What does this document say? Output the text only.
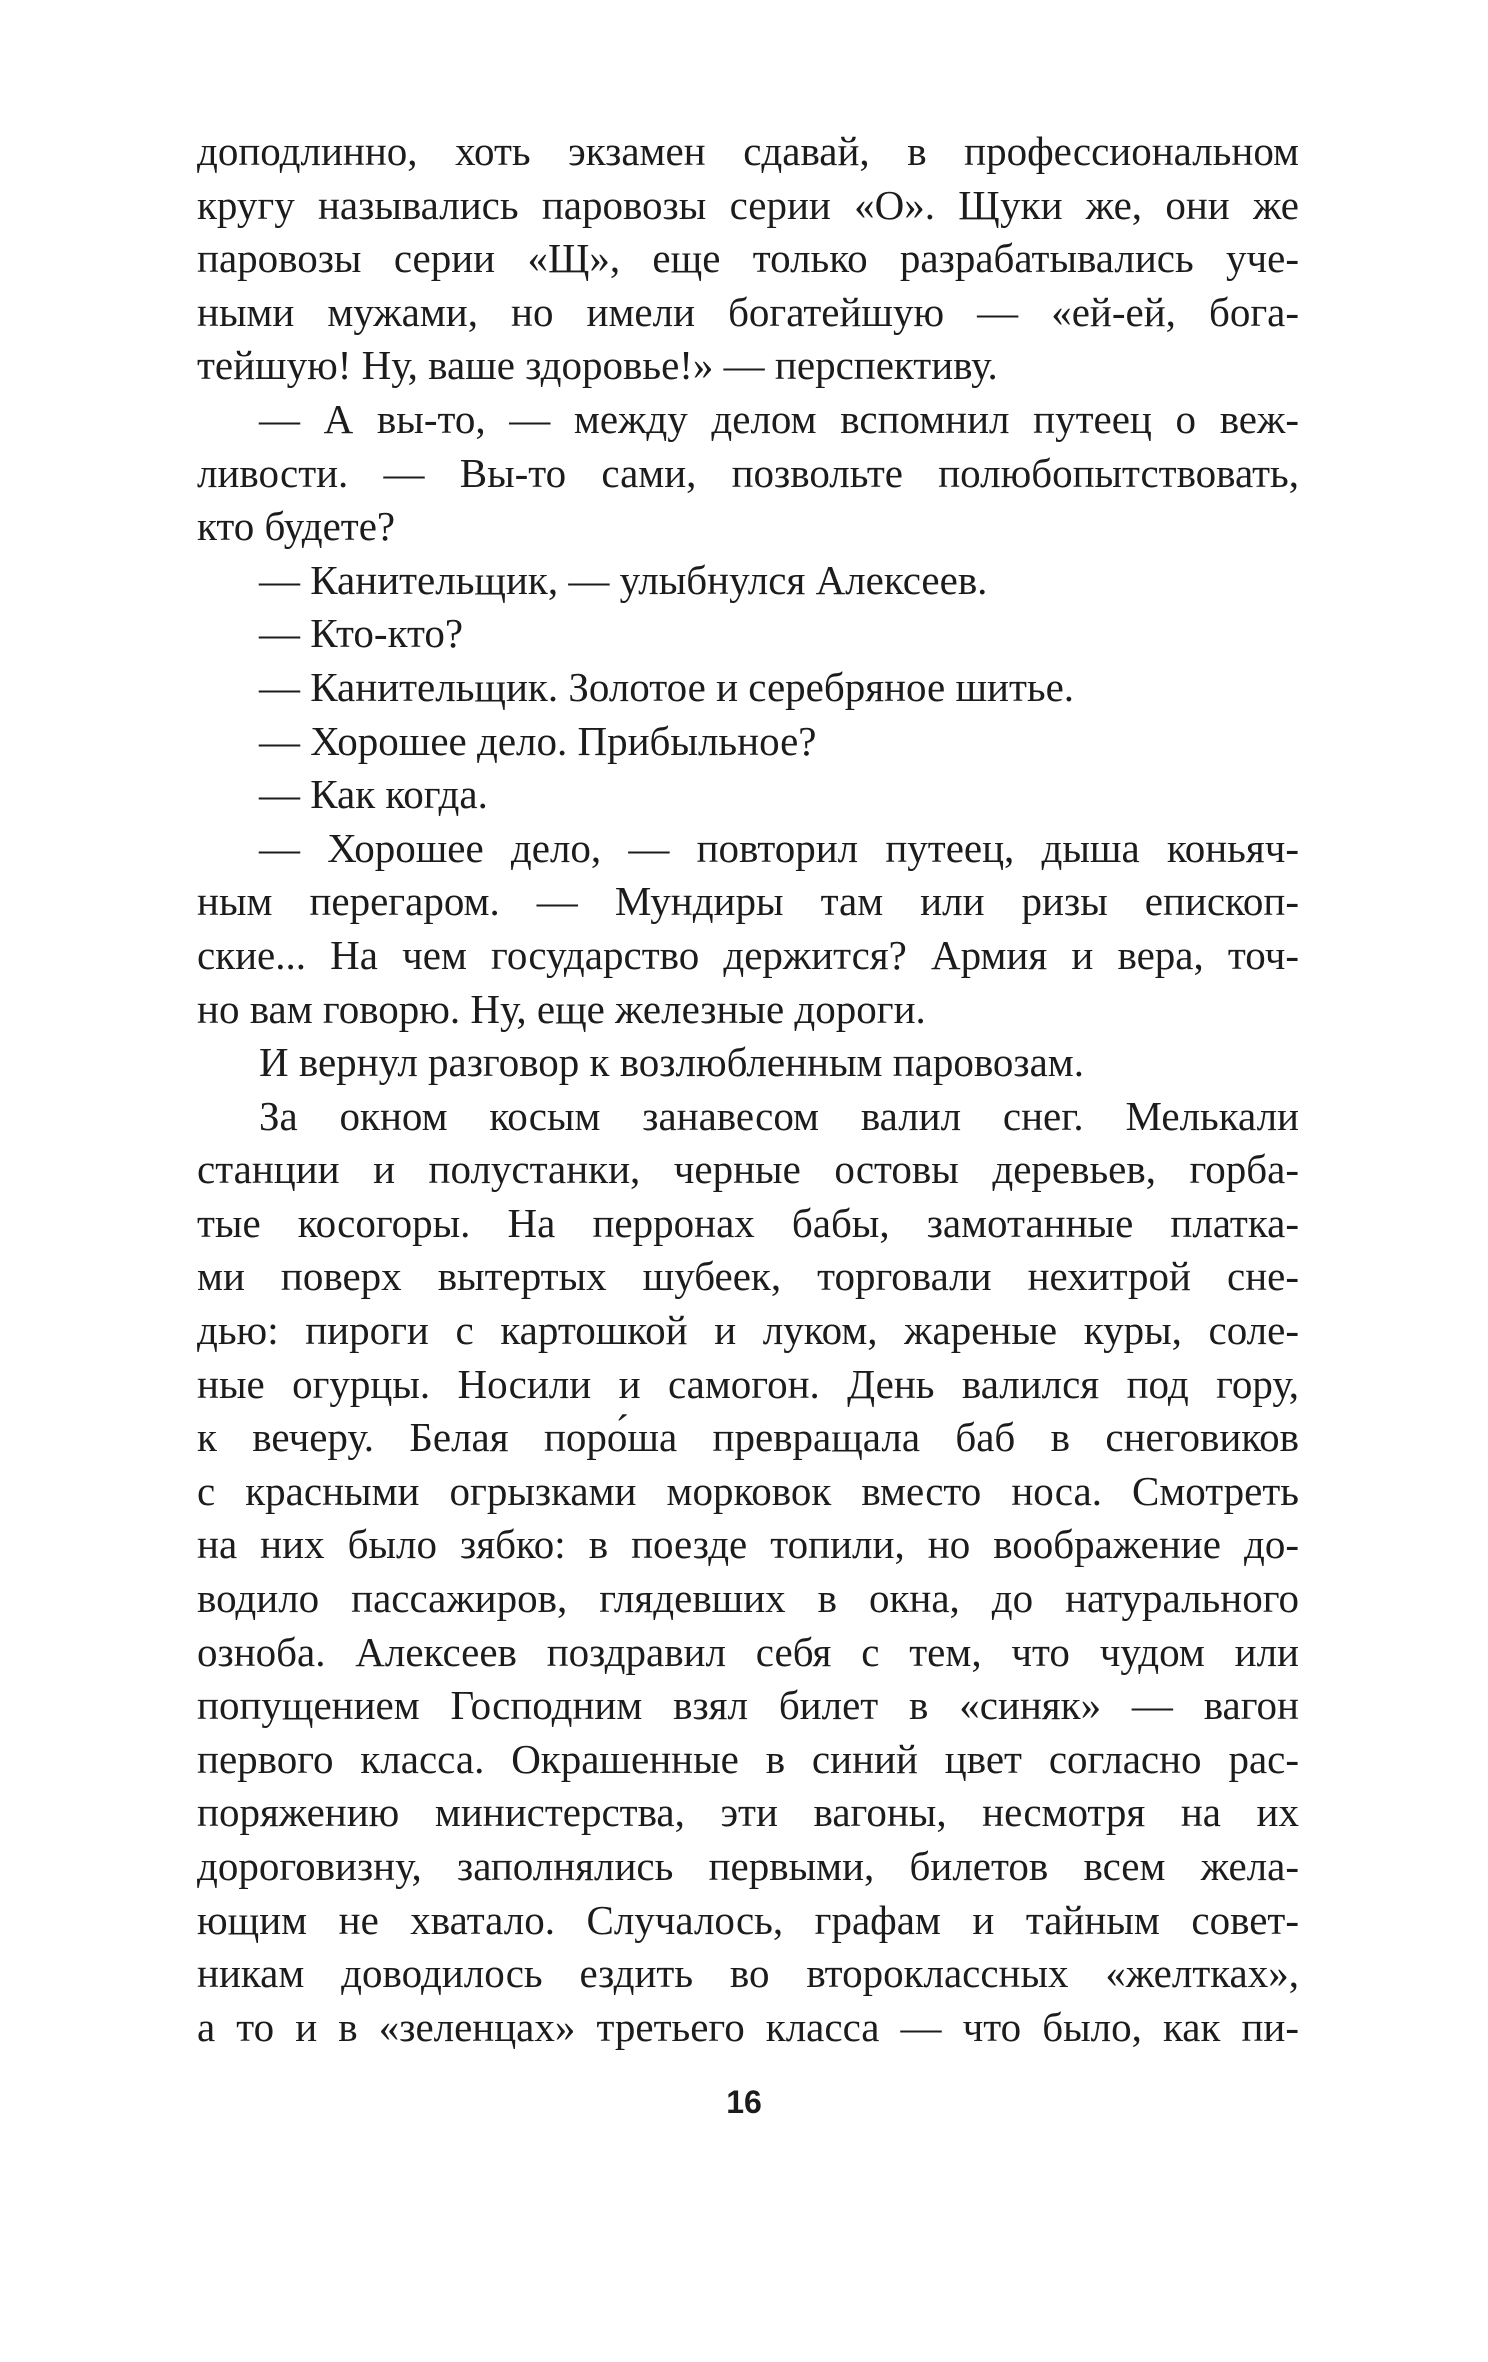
доподлинно, хоть экзамен сдавай, в профессиональном
кругу назывались паровозы серии «О». Щуки же, они же
паровозы серии «Щ», еще только разрабатывались уче-
ными мужами, но имели богатейшую — «ей-ей, бога-
тейшую! Ну, ваше здоровье!» — перспективу.
— А вы-то, — между делом вспомнил путеец о веж-
ливости. — Вы-то сами, позвольте полюбопытствовать,
кто будете?
— Канительщик, — улыбнулся Алексеев.
— Кто-кто?
— Канительщик. Золотое и серебряное шитье.
— Хорошее дело. Прибыльное?
— Как когда.
— Хорошее дело, — повторил путеец, дыша коньяч-
ным перегаром. — Мундиры там или ризы епископ-
ские... На чем государство держится? Армия и вера, точ-
но вам говорю. Ну, еще железные дороги.
И вернул разговор к возлюбленным паровозам.
За окном косым занавесом валил снег. Мелькали
станции и полустанки, черные остовы деревьев, горба-
тые косогоры. На перронах бабы, замотанные платка-
ми поверх вытертых шубеек, торговали нехитрой сне-
дью: пироги с картошкой и луком, жареные куры, соле-
ные огурцы. Носили и самогон. День валился под гору,
к вечеру. Белая поро́ша превращала баб в снеговиков
с красными огрызками морковок вместо носа. Смотреть
на них было зябко: в поезде топили, но воображение до-
водило пассажиров, глядевших в окна, до натурального
озноба. Алексеев поздравил себя с тем, что чудом или
попущением Господним взял билет в «синяк» — вагон
первого класса. Окрашенные в синий цвет согласно рас-
поряжению министерства, эти вагоны, несмотря на их
дороговизну, заполнялись первыми, билетов всем жела-
ющим не хватало. Случалось, графам и тайным совет-
никам доводилось ездить во второклассных «желтках»,
а то и в «зеленцах» третьего класса — что было, как пи-
16
